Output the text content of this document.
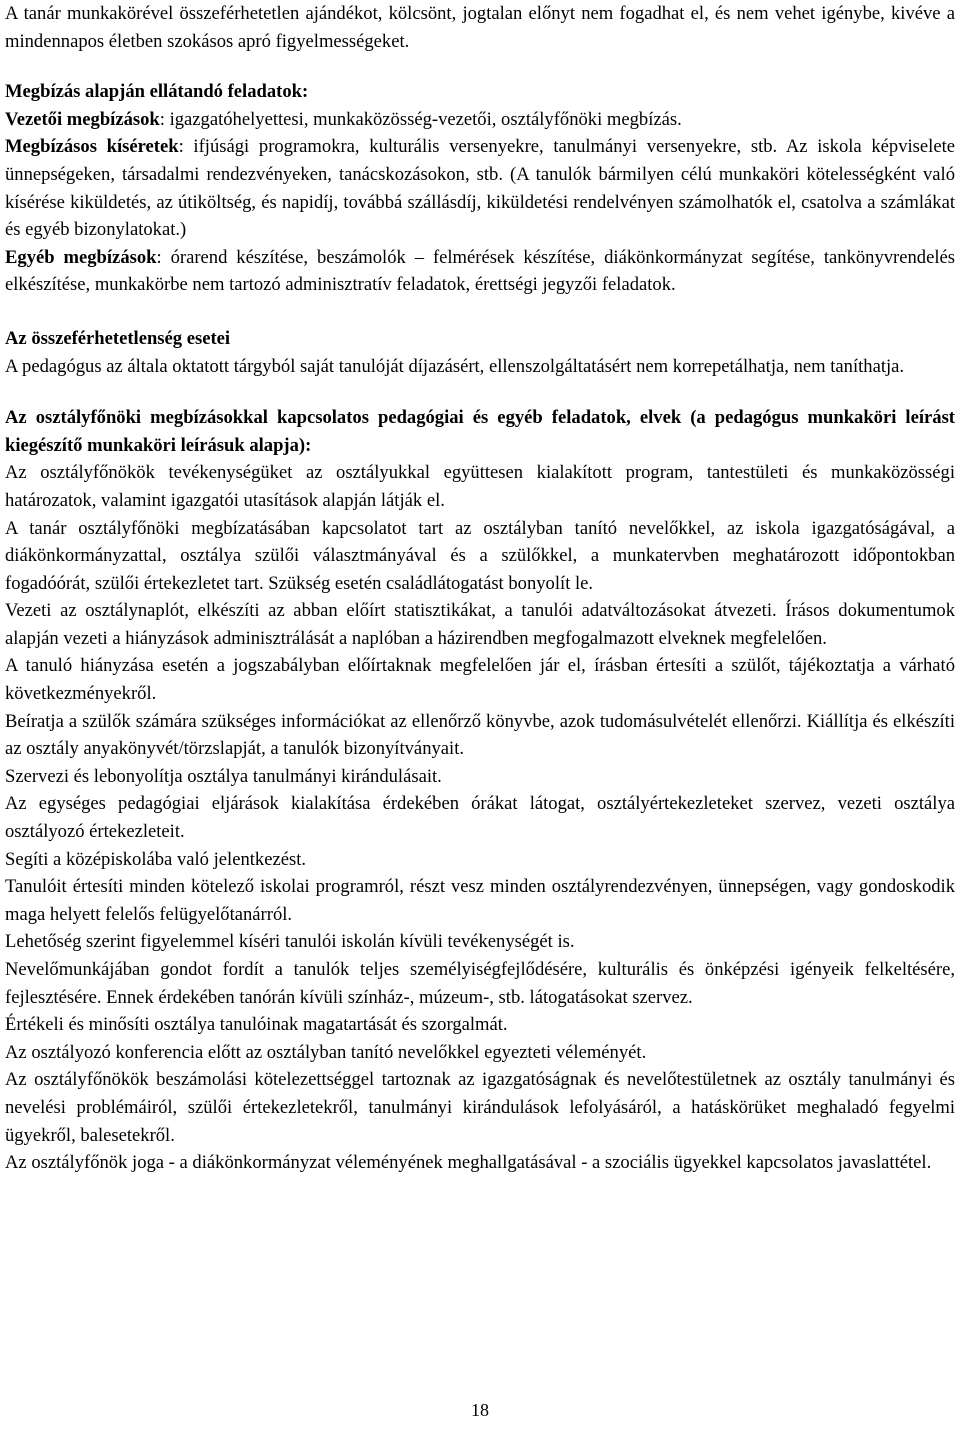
A tanár munkakörével összeférhetetlen ajándékot, kölcsönt, jogtalan előnyt nem fogadhat el, és nem vehet igénybe, kivéve a mindennapos életben szokásos apró figyelmességeket.

Megbízás alapján ellátandó feladatok:

Vezetői megbízások: igazgatóhelyettesi, munkaközösség-vezetői, osztályfőnöki megbízás.

Megbízásos kíséretek: ifjúsági programokra, kulturális versenyekre, tanulmányi versenyekre, stb. Az iskola képviselete ünnepségeken, társadalmi rendezvényeken, tanácskozásokon, stb. (A tanulók bármilyen célú munkaköri kötelességként való kísérése kiküldetés, az útiköltség, és napidíj, továbbá szállásdíj, kiküldetési rendelvényen számolhatók el, csatolva a számlákat és egyéb bizonylatokat.)

Egyéb megbízások: órarend készítése, beszámolók – felmérések készítése, diákönkormányzat segítése, tankönyvrendelés elkészítése, munkakörbe nem tartozó adminisztratív feladatok, érettségi jegyzői feladatok.

Az összeférhetetlenség esetei

A pedagógus az általa oktatott tárgyból saját tanulóját díjazásért, ellenszolgáltatásért nem korrepetálhatja, nem taníthatja.

Az osztályfőnöki megbízásokkal kapcsolatos pedagógiai és egyéb feladatok, elvek (a pedagógus munkaköri leírást kiegészítő munkaköri leírásuk alapja):

Az osztályfőnökök tevékenységüket az osztályukkal együttesen kialakított program, tantestületi és munkaközösségi határozatok, valamint igazgatói utasítások alapján látják el.

A tanár osztályfőnöki megbízatásában kapcsolatot tart az osztályban tanító nevelőkkel, az iskola igazgatóságával, a diákönkormányzattal, osztálya szülői választmányával és a szülőkkel, a munkatervben meghatározott időpontokban fogadóórát, szülői értekezletet tart. Szükség esetén családlátogatást bonyolít le.

Vezeti az osztálynaplót, elkészíti az abban előírt statisztikákat, a tanulói adatváltozásokat átvezeti. Írásos dokumentumok alapján vezeti a hiányzások adminisztrálását a naplóban a házirendben megfogalmazott elveknek megfelelően.

A tanuló hiányzása esetén a jogszabályban előírtaknak megfelelően jár el, írásban értesíti a szülőt, tájékoztatja a várható következményekről.

Beíratja a szülők számára szükséges információkat az ellenőrző könyvbe, azok tudomásulvételét ellenőrzi. Kiállítja és elkészíti az osztály anyakönyvét/törzslapját, a tanulók bizonyítványait.

Szervezi és lebonyolítja osztálya tanulmányi kirándulásait.

Az egységes pedagógiai eljárások kialakítása érdekében órákat látogat, osztályértekezleteket szervez, vezeti osztálya osztályozó értekezleteit.

Segíti a középiskolába való jelentkezést.

Tanulóit értesíti minden kötelező iskolai programról, részt vesz minden osztályrendezvényen, ünnepségen, vagy gondoskodik maga helyett felelős felügyelőtanárról.

Lehetőség szerint figyelemmel kíséri tanulói iskolán kívüli tevékenységét is.

Nevelőmunkájában gondot fordít a tanulók teljes személyiségfejlődésére, kulturális és önképzési igényeik felkeltésére, fejlesztésére. Ennek érdekében tanórán kívüli színház-, múzeum-, stb. látogatásokat szervez.

Értékeli és minősíti osztálya tanulóinak magatartását és szorgalmát.

Az osztályozó konferencia előtt az osztályban tanító nevelőkkel egyezteti véleményét.

Az osztályfőnökök beszámolási kötelezettséggel tartoznak az igazgatóságnak és nevelőtestületnek az osztály tanulmányi és nevelési problémáiról, szülői értekezletekről, tanulmányi kirándulások lefolyásáról, a hatáskörüket meghaladó fegyelmi ügyekről, balesetekről.

Az osztályfőnök joga - a diákönkormányzat véleményének meghallgatásával - a szociális ügyekkel kapcsolatos javaslattétel.

18
